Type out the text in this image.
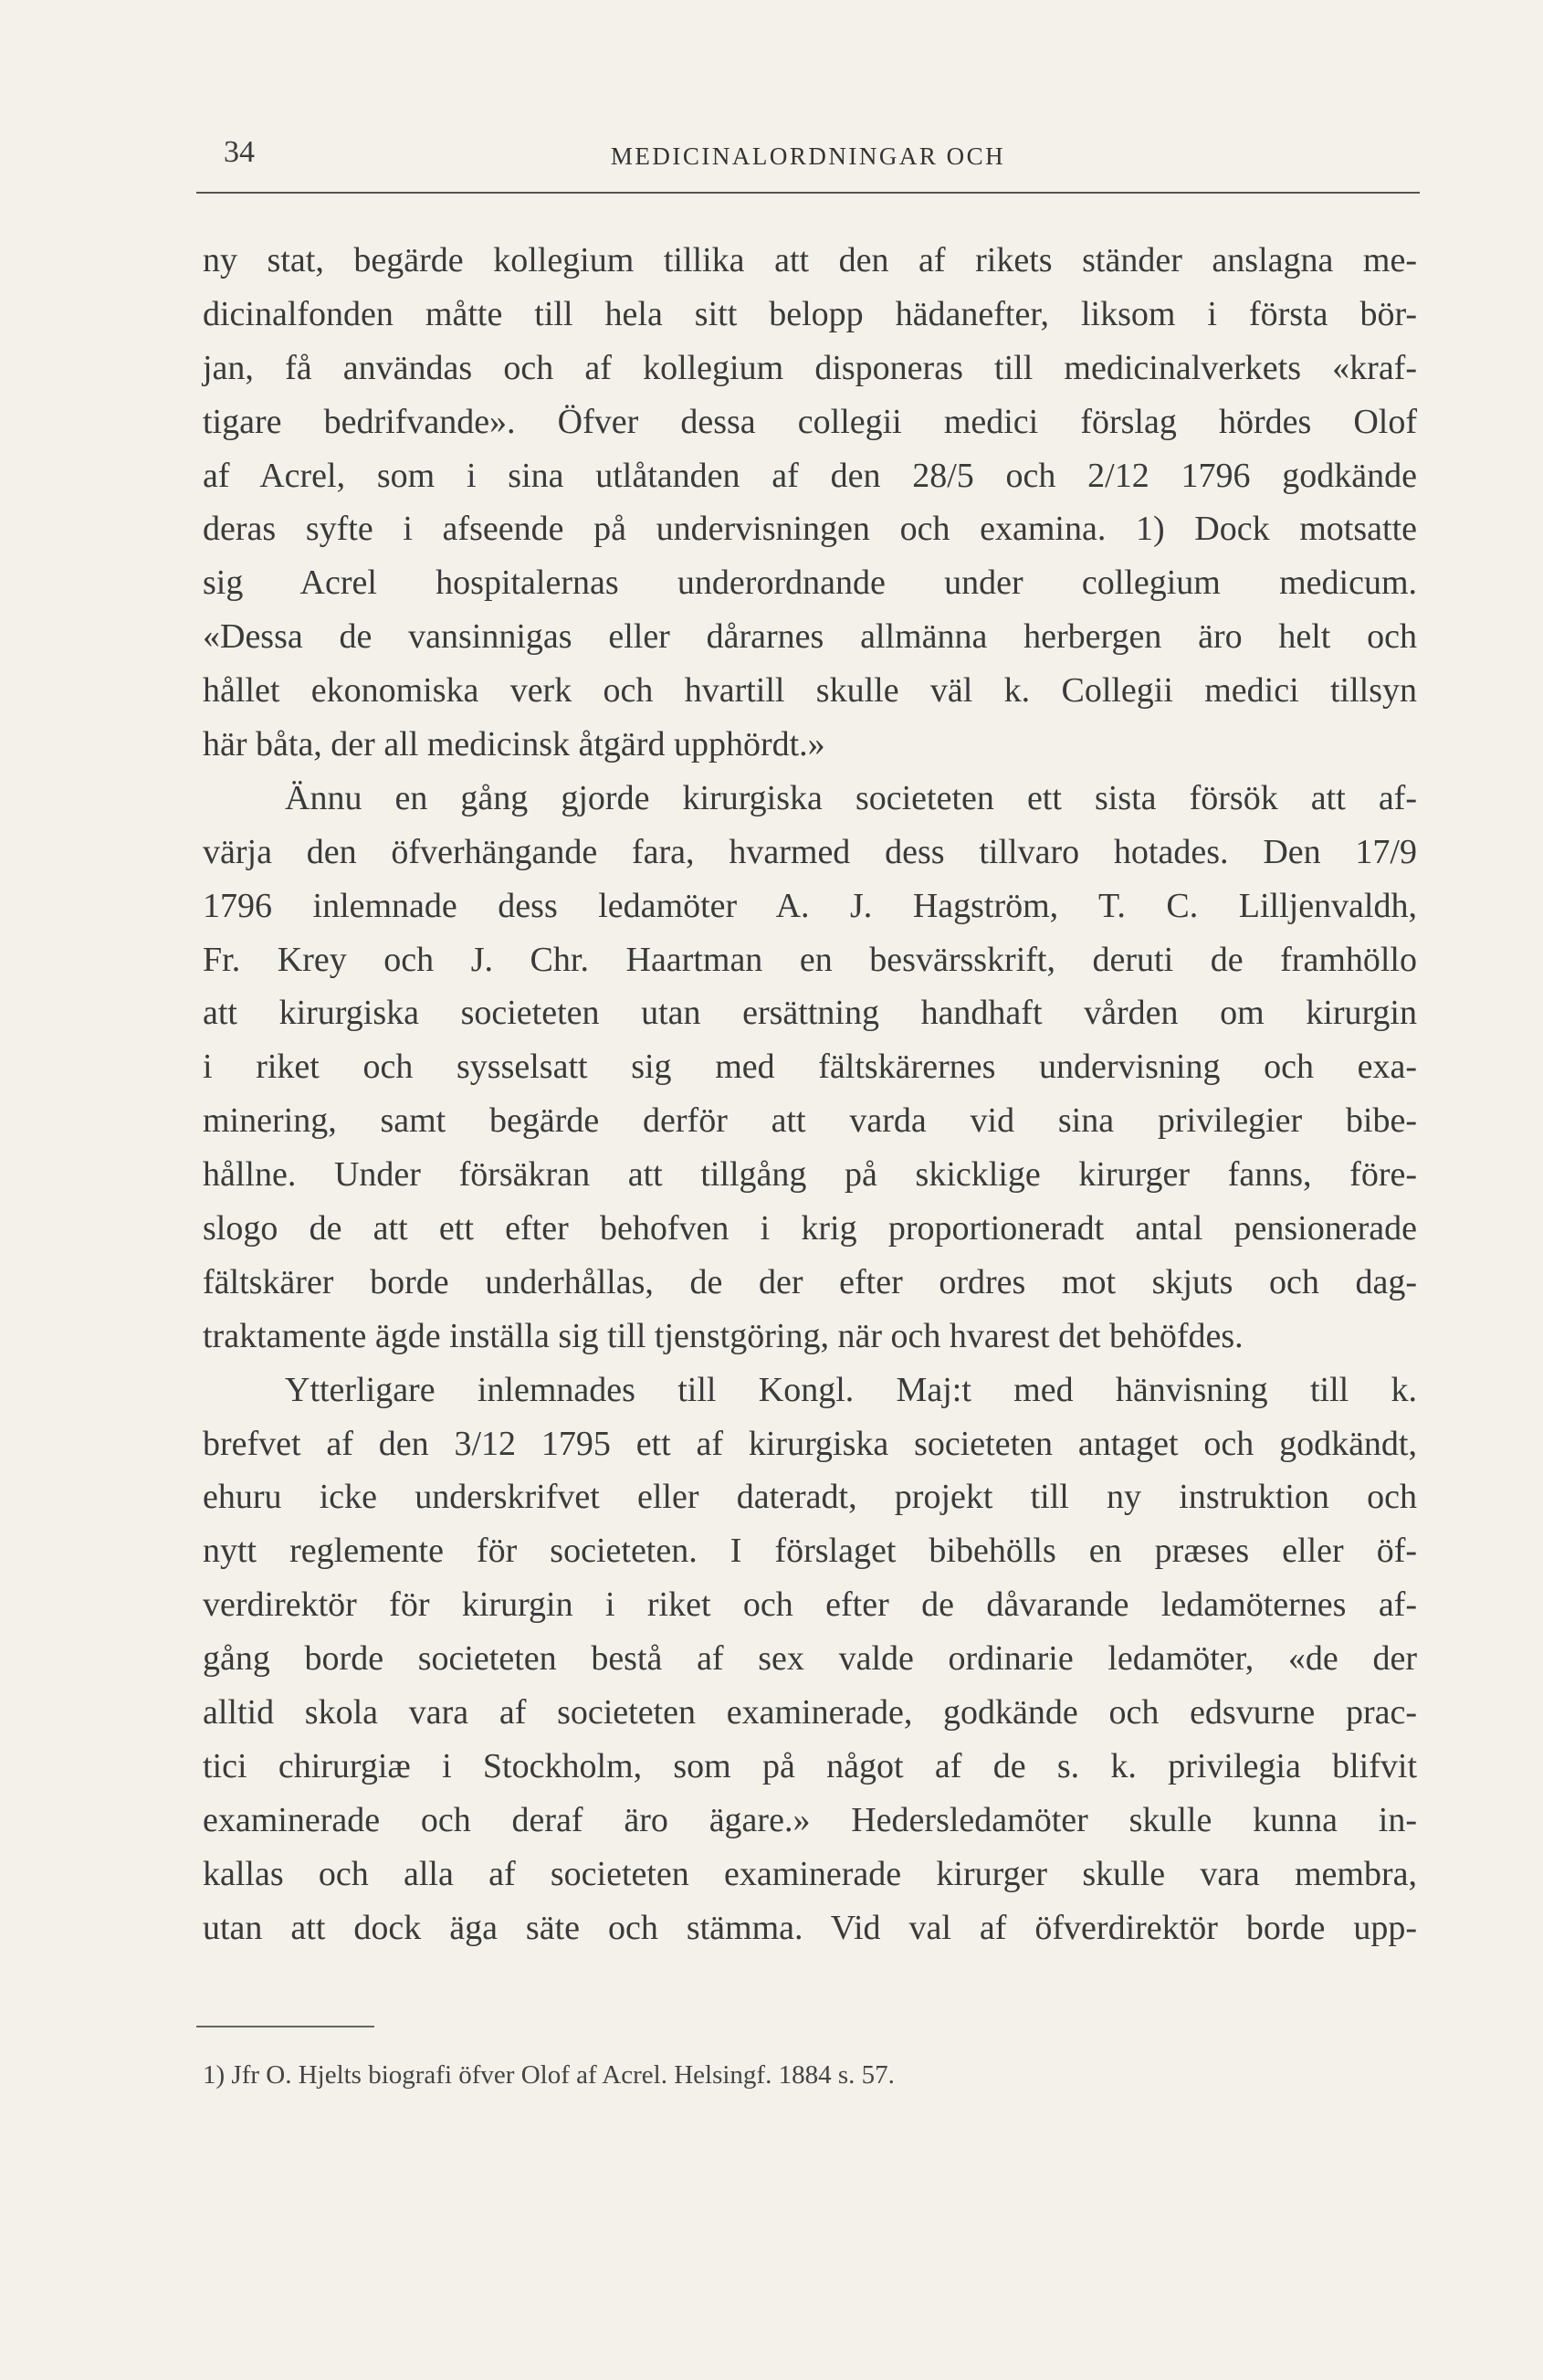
34	MEDICINALORDNINGAR OCH
ny stat, begärde kollegium tillika att den af rikets ständer anslagna me-
dicinalfonden måtte till hela sitt belopp hädanefter, liksom i första bör-
jan, få användas och af kollegium disponeras till medicinalverkets «kraf-
tigare bedrifvande». Öfver dessa collegii medici förslag hördes Olof
af Acrel, som i sina utlåtanden af den 28/5 och 2/12 1796 godkände
deras syfte i afseende på undervisningen och examina. 1) Dock motsatte
sig Acrel hospitalernas underordnande under collegium medicum.
«Dessa de vansinnigas eller dårarnes allmänna herbergen äro helt och
hållet ekonomiska verk och hvartill skulle väl k. Collegii medici tillsyn
här båta, der all medicinsk åtgärd upphördt.»
Ännu en gång gjorde kirurgiska societeten ett sista försök att af-
värja den öfverhängande fara, hvarmed dess tillvaro hotades. Den 17/9
1796 inlemnade dess ledamöter A. J. Hagström, T. C. Lilljenvaldh,
Fr. Krey och J. Chr. Haartman en besvärsskrift, deruti de framhöllo
att kirurgiska societeten utan ersättning handhaft vården om kirurgin
i riket och sysselsatt sig med fältskärernes undervisning och exa-
minering, samt begärde derför att varda vid sina privilegier bibe-
hållne. Under försäkran att tillgång på skicklige kirurger fanns, före-
slogo de att ett efter behofven i krig proportioneradt antal pensionerade
fältskärer borde underhållas, de der efter ordres mot skjuts och dag-
traktamente ägde inställa sig till tjenstgöring, när och hvarest det behöfdes.
Ytterligare inlemnades till Kongl. Maj:t med hänvisning till k.
brefvet af den 3/12 1795 ett af kirurgiska societeten antaget och godkändt,
ehuru icke underskrifvet eller dateradt, projekt till ny instruktion och
nytt reglemente för societeten. I förslaget bibehölls en præses eller öf-
verdirektör för kirurgin i riket och efter de dåvarande ledamöternes af-
gång borde societeten bestå af sex valde ordinarie ledamöter, «de der
alltid skola vara af societeten examinerade, godkände och edsvurne prac-
tici chirurgiæ i Stockholm, som på något af de s. k. privilegia blifvit
examinerade och deraf äro ägare.» Hedersledamöter skulle kunna in-
kallas och alla af societeten examinerade kirurger skulle vara membra,
utan att dock äga säte och stämma. Vid val af öfverdirektör borde upp-
1) Jfr O. Hjelts biografi öfver Olof af Acrel. Helsingf. 1884 s. 57.
